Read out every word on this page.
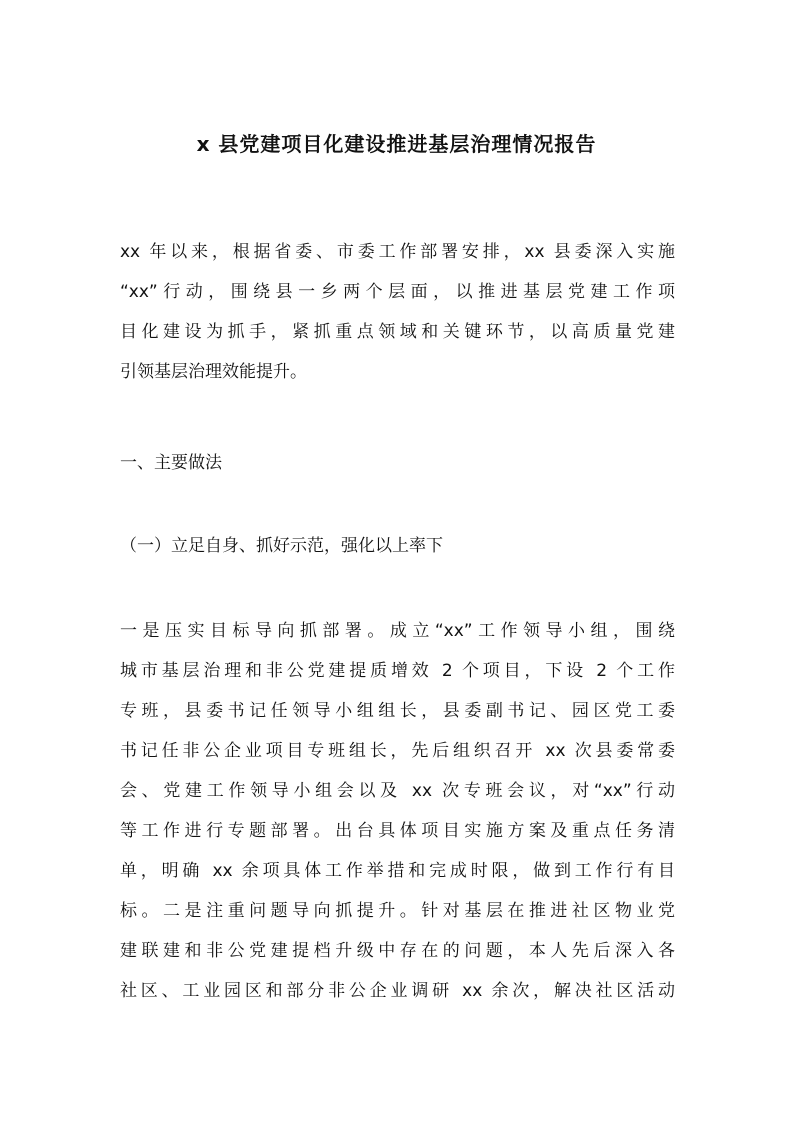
x 县党建项目化建设推进基层治理情况报告
xx 年以来，根据省委、市委工作部署安排，xx 县委深入实施
“xx”行动，围绕县一乡两个层面，以推进基层党建工作项
目化建设为抓手，紧抓重点领域和关键环节，以高质量党建
引领基层治理效能提升。
一、主要做法
（一）立足自身、抓好示范，强化以上率下
一是压实目标导向抓部署。成立“xx”工作领导小组，围绕
城市基层治理和非公党建提质增效 2 个项目，下设 2 个工作
专班，县委书记任领导小组组长，县委副书记、园区党工委
书记任非公企业项目专班组长，先后组织召开 xx 次县委常委
会、党建工作领导小组会以及 xx 次专班会议，对“xx”行动
等工作进行专题部署。出台具体项目实施方案及重点任务清
单，明确 xx 余项具体工作举措和完成时限，做到工作行有目
标。二是注重问题导向抓提升。针对基层在推进社区物业党
建联建和非公党建提档升级中存在的问题，本人先后深入各
社区、工业园区和部分非公企业调研 xx 余次，解决社区活动
